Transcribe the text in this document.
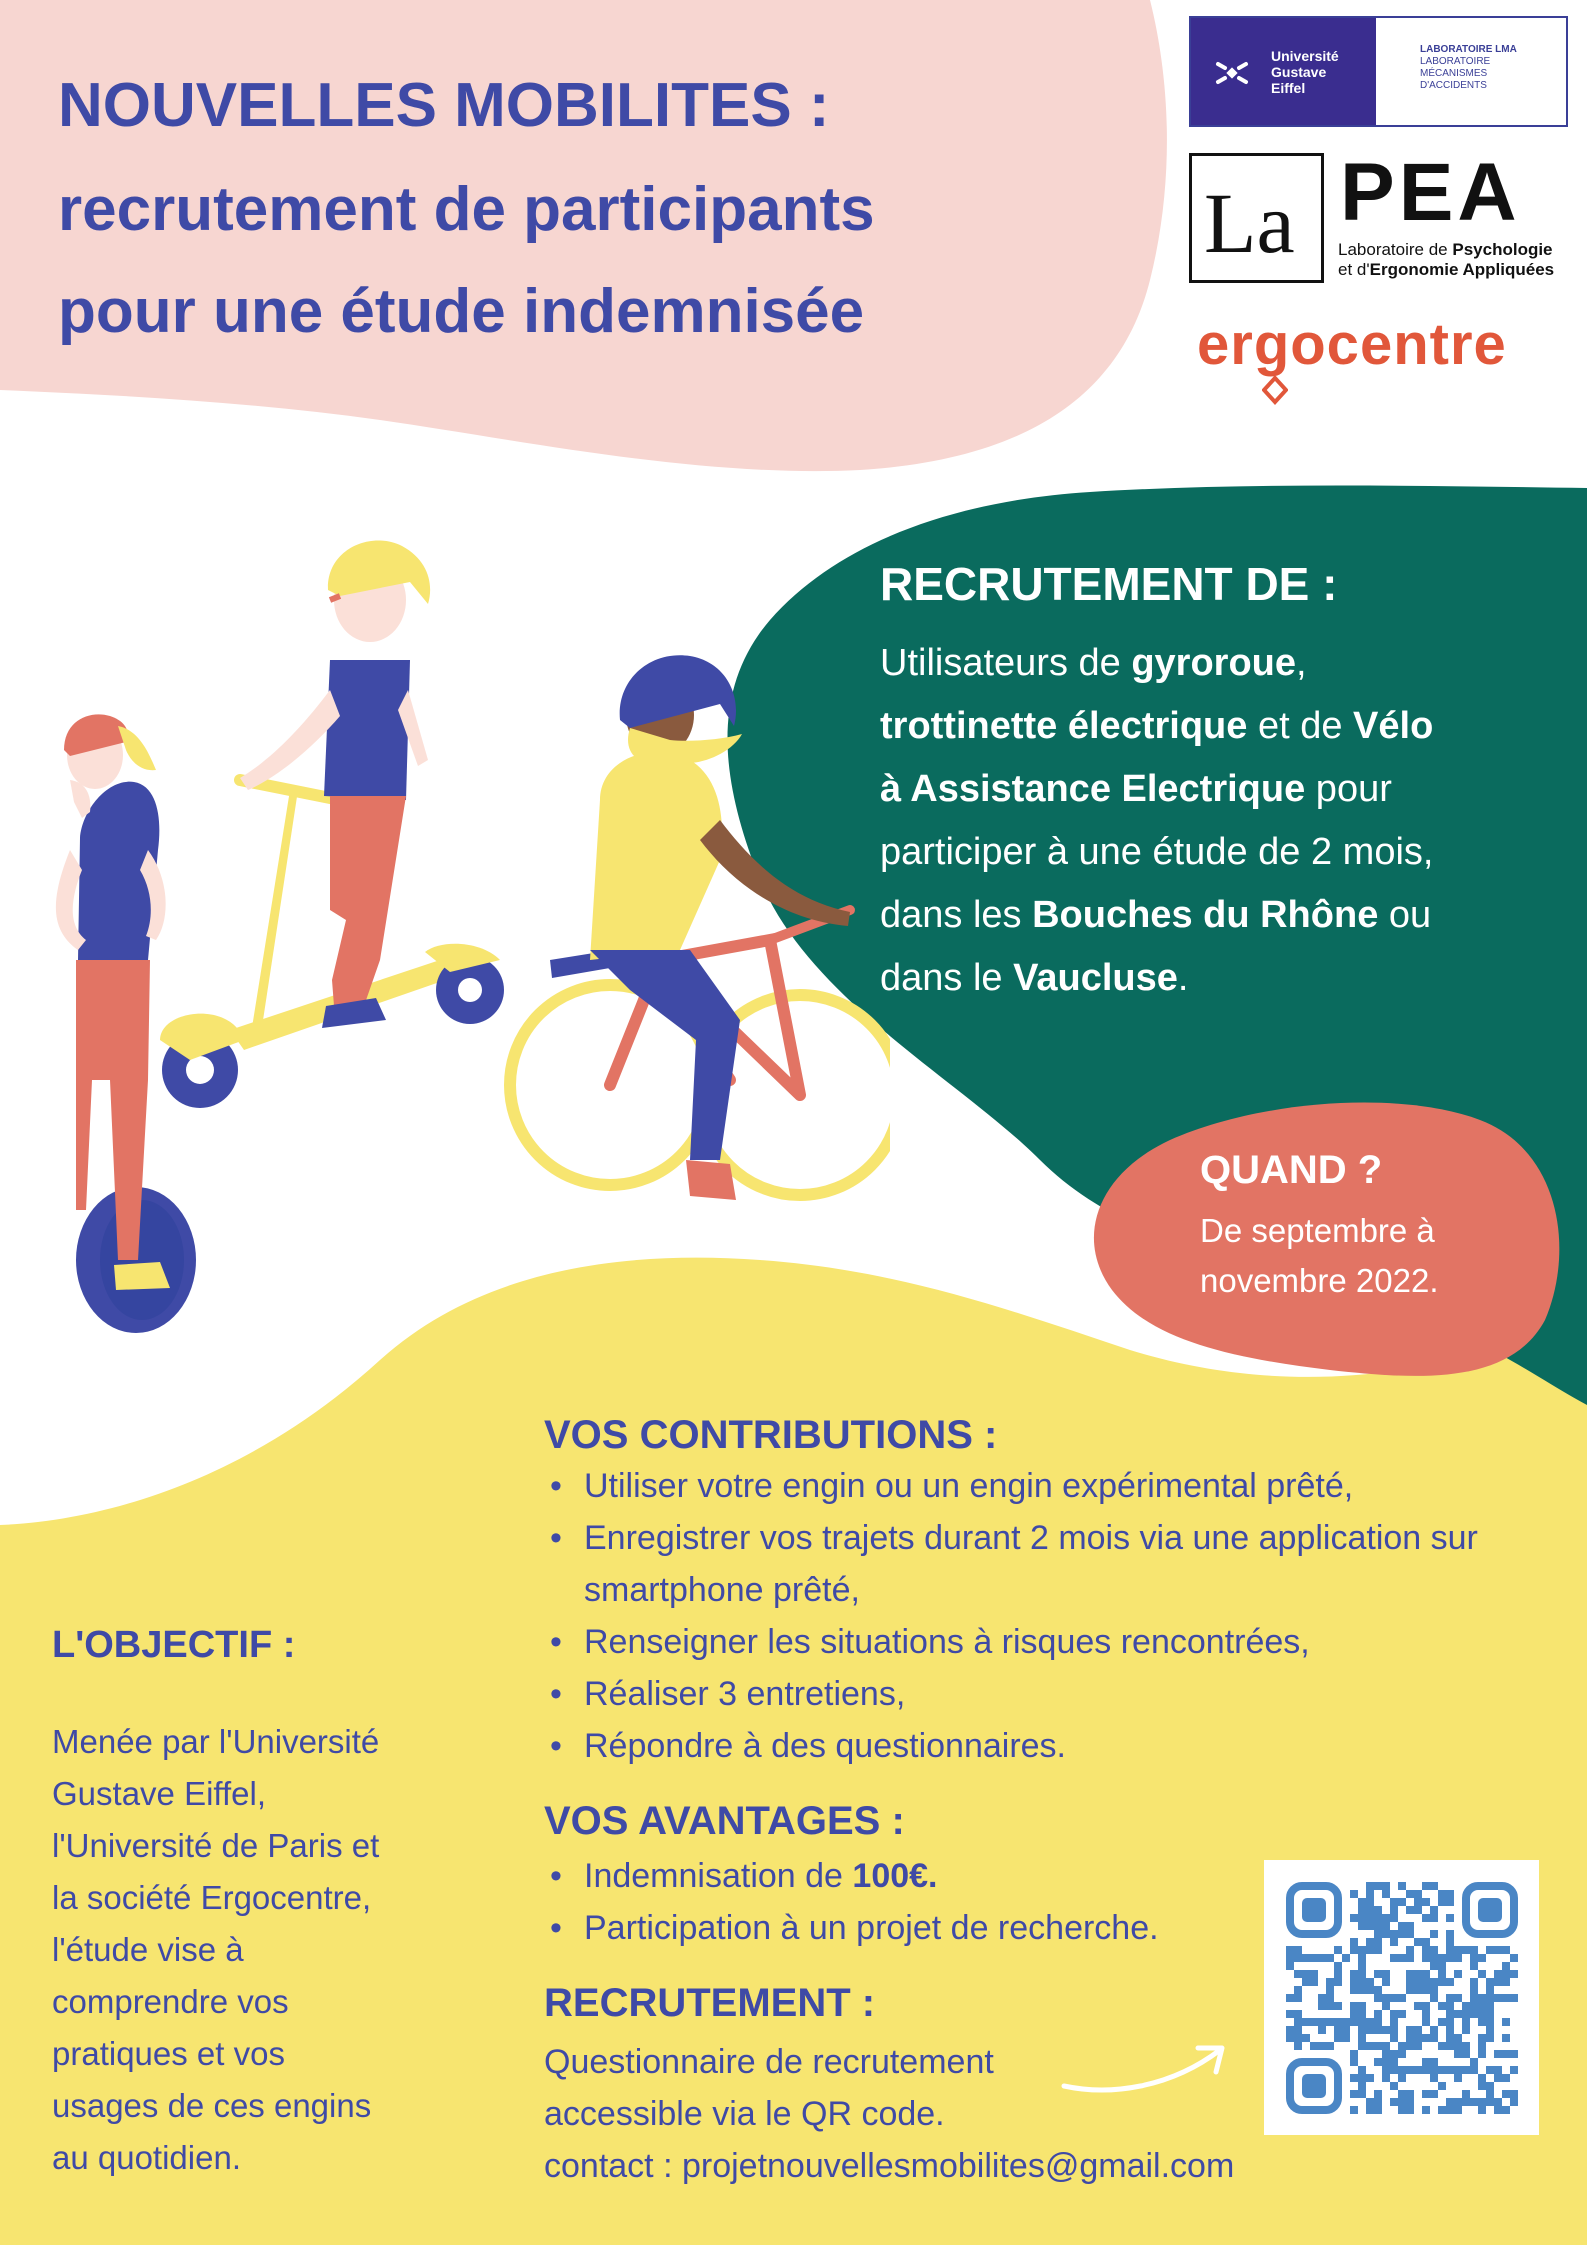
NOUVELLES MOBILITES :
recrutement de participants
pour une étude indemnisée
Université
Gustave
Eiffel
LABORATOIRE LMA
LABORATOIRE
MÉCANISMES
D'ACCIDENTS
La PEA
Laboratoire de Psychologie
et d'Ergonomie Appliquées
ergocentre
RECRUTEMENT DE :
Utilisateurs de gyroroue,
trottinette électrique et de Vélo
à Assistance Electrique pour
participer à une étude de 2 mois,
dans les Bouches du Rhône ou
dans le Vaucluse.
QUAND ?
De septembre à
novembre 2022.
VOS CONTRIBUTIONS :
• Utiliser votre engin ou un engin expérimental prêté,
• Enregistrer vos trajets durant 2 mois via une application sur smartphone prêté,
• Renseigner les situations à risques rencontrées,
• Réaliser 3 entretiens,
• Répondre à des questionnaires.
VOS AVANTAGES :
• Indemnisation de 100€.
• Participation à un projet de recherche.
RECRUTEMENT :
Questionnaire de recrutement
accessible via le QR code.
contact : projetnouvellesmobilites@gmail.com
L'OBJECTIF :
Menée par l'Université
Gustave Eiffel,
l'Université de Paris et
la société Ergocentre,
l'étude vise à
comprendre vos
pratiques et vos
usages de ces engins
au quotidien.
